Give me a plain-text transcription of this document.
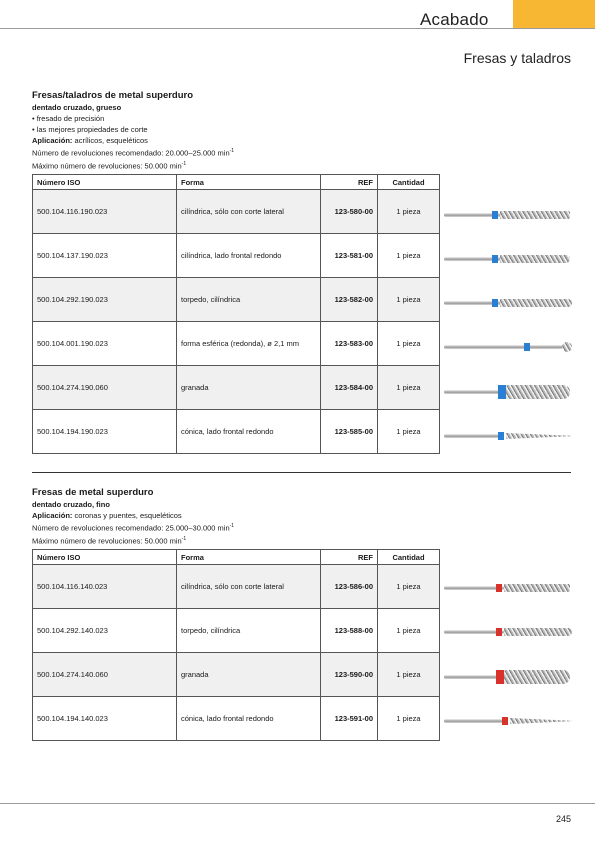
Acabado
Fresas y taladros
Fresas/taladros de metal superduro
dentado cruzado, grueso
• fresado de precisión
• las mejores propiedades de corte
Aplicación: acrílicos, esqueléticos
Número de revoluciones recomendado: 20.000–25.000 $\min^{-1}$
Máximo número de revoluciones: 50.000 $\min^{-1}$
Número ISO	Forma	REF	Cantidad
500.104.116.190.023	cilíndrica, sólo con corte lateral	123-580-00	1 pieza
500.104.137.190.023	cilíndrica, lado frontal redondo	123-581-00	1 pieza
500.104.292.190.023	torpedo, cilíndrica	123-582-00	1 pieza
500.104.001.190.023	forma esférica (redonda), ø 2,1 mm	123-583-00	1 pieza
500.104.274.190.060	granada	123-584-00	1 pieza
500.104.194.190.023	cónica, lado frontal redondo	123-585-00	1 pieza
Fresas de metal superduro
dentado cruzado, fino
Aplicación: coronas y puentes, esqueléticos
Número de revoluciones recomendado: 25.000–30.000 $\min^{-1}$
Máximo número de revoluciones: 50.000 $\min^{-1}$
Número ISO	Forma	REF	Cantidad
500.104.116.140.023	cilíndrica, sólo con corte lateral	123-586-00	1 pieza
500.104.292.140.023	torpedo, cilíndrica	123-588-00	1 pieza
500.104.274.140.060	granada	123-590-00	1 pieza
500.104.194.140.023	cónica, lado frontal redondo	123-591-00	1 pieza
245
